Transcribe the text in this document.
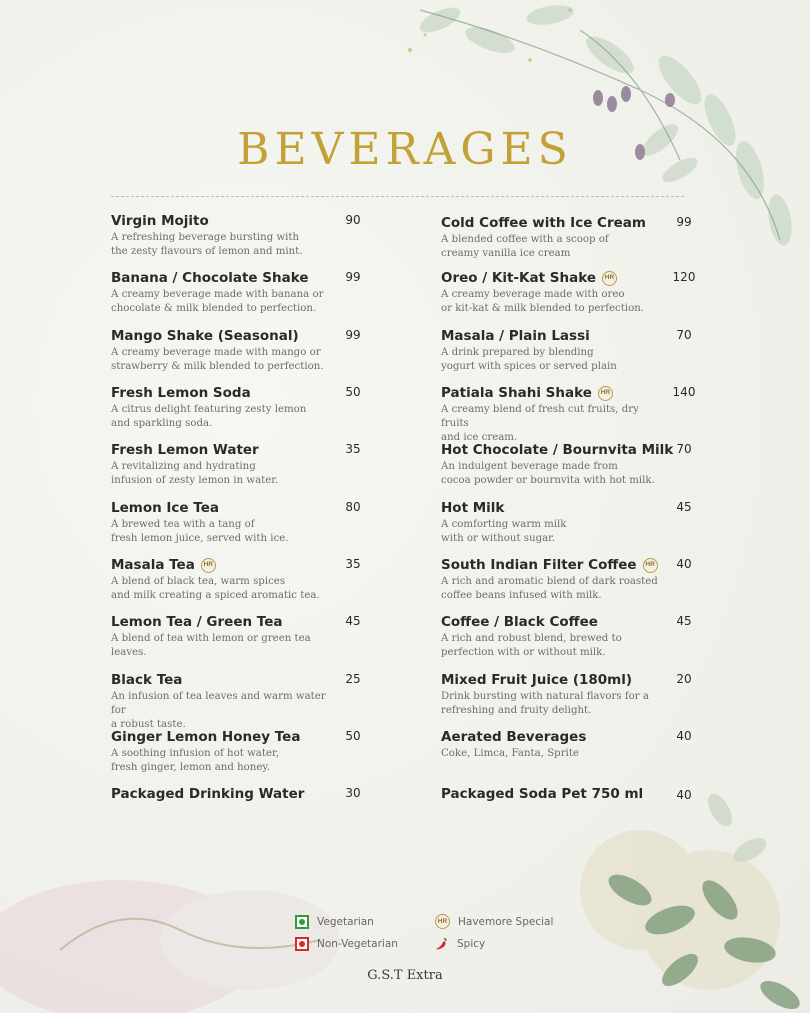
BEVERAGES
Virgin Mojito
A refreshing beverage bursting with
the zesty flavours of lemon and mint.
90
Banana / Chocolate Shake
A creamy beverage made with banana or
chocolate & milk blended to perfection.
99
Mango Shake (Seasonal)
A creamy beverage made with mango or
strawberry & milk blended to perfection.
99
Fresh Lemon Soda
A citrus delight featuring zesty lemon
and sparkling soda.
50
Fresh Lemon Water
A revitalizing and hydrating
infusion of zesty lemon in water.
35
Lemon Ice Tea
A brewed tea with a tang of
fresh lemon juice, served with ice.
80
Masala Tea	HR
A blend of black tea, warm spices
and milk creating a spiced aromatic tea.
35
Lemon Tea / Green Tea
A blend of tea with lemon or green tea
leaves.
45
Black Tea
An infusion of tea leaves and warm water for
a robust taste.
25
Ginger Lemon Honey Tea
A soothing infusion of hot water,
fresh ginger, lemon and honey.
50
Packaged Drinking Water	30
Cold Coffee with Ice Cream
A blended coffee with a scoop of
creamy vanilla ice cream
99
Oreo / Kit-Kat Shake	HR
A creamy beverage made with oreo
or kit-kat & milk blended to perfection.
120
Masala / Plain Lassi
A drink prepared by blending
yogurt with spices or served plain
70
Patiala Shahi Shake	HR
A creamy blend of fresh cut fruits, dry fruits
and ice cream.
140
Hot Chocolate / Bournvita Milk
An indulgent beverage made from
cocoa powder or bournvita with hot milk.
70
Hot Milk
A comforting warm milk
with or without sugar.
45
South Indian Filter Coffee	HR
A rich and aromatic blend of dark roasted
coffee beans infused with milk.
40
Coffee / Black Coffee
A rich and robust blend, brewed to
perfection with or without milk.
45
Mixed Fruit Juice (180ml)
Drink bursting with natural flavors for a
refreshing and fruity delight.
20
Aerated Beverages
Coke, Limca, Fanta, Sprite
40
Packaged Soda Pet 750 ml	40
Vegetarian
Non-Vegetarian
HR Havemore Special
Spicy
G.S.T Extra
